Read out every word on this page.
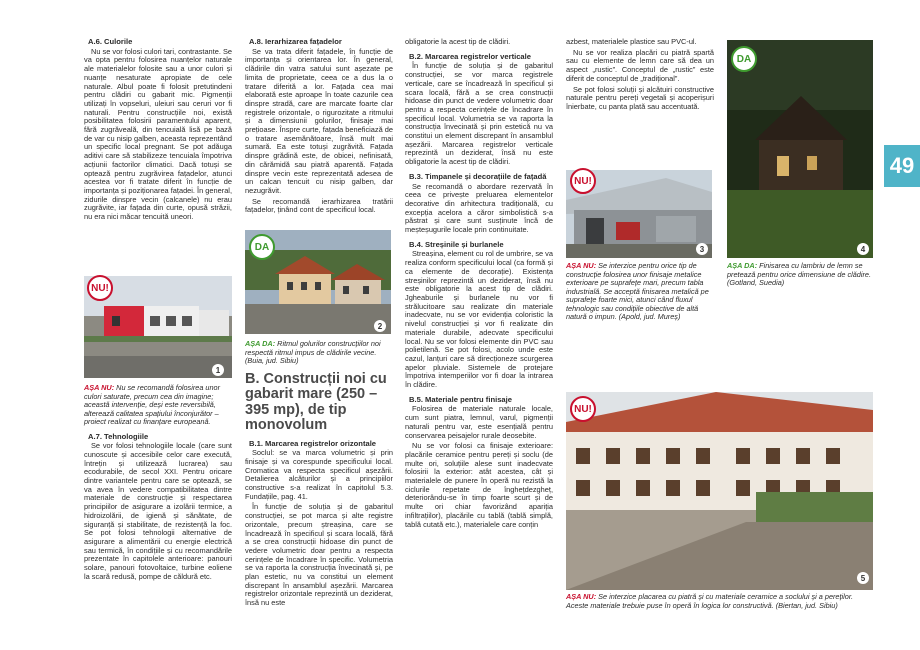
A.6. Culorile

Nu se vor folosi culori tari, contrastante. Se va opta pentru folosirea nuanțelor naturale ale materialelor folosite sau a unor culori și nuanțe nesaturate apropiate de cele naturale. Albul poate fi folosit pretutindeni pentru clădiri cu gabarit mic. Pigmenții utilizați în vopseluri, uleiuri sau ceruri vor fi naturali. Pentru construcțiile noi, există posibilitatea folosirii paramentului aparent, fără zugrăveală, din tencuială lisă pe bază de var cu nisip galben, aceasta reprezentând un specific local pregnant. Se pot adăuga aditivi care să stabilizeze tencuiala împotriva acțiunii factorilor climatici. Dacă totuși se optează pentru zugrăvirea fațadelor, atunci acestea vor fi tratate diferit în funcție de importanța și poziționarea fațadei. În general, zidurile dinspre vecin (calcanele) nu erau zugrăvite, iar fațada din curte, opusă străzii, nu era nici măcar tencuită uneori.

NU!
1
AȘA NU: Nu se recomandă folosirea unor culori saturate, precum cea din imagine; această intervenție, deși este reversibilă, alterează calitatea spațiului înconjurător – proiect realizat cu finanțare europeană.
A.7. Tehnologiile

Se vor folosi tehnologiile locale (care sunt cunoscute și accesibile celor care execută, întrețin și utilizează lucrarea) sau ecodurabile, de secol XXI. Pentru oricare dintre variantele pentru care se optează, se va avea în vedere compatibilitatea dintre materiale de construcție și respectarea principiilor de asigurare a izolării termice, a hidroizolării, de igienă și sănătate, de siguranță și stabilitate, de rezistență la foc. Se pot folosi tehnologii alternative de asigurare a alimentării cu energie electrică sau termică, în condițiile și cu recomandările prezentate în capitolele anterioare: panouri solare, panouri fotovoltaice, turbine eoliene la scară redusă, pompe de căldură etc.

A.8. Ierarhizarea fațadelor

Se va trata diferit fațadele, în funcție de importanța și orientarea lor. În general, clădirile din vatra satului sunt așezate pe limita de proprietate, ceea ce a dus la o tratare diferită a lor. Fațada cea mai elaborată este aproape în toate cazurile cea dinspre stradă, care are marcate foarte clar registrele orizontale, o rigurozitate a ritmului și a dimensiunii golurilor, finisaje mai prețioase. Înspre curte, fațada beneficiază de o tratare asemănătoare, însă mult mai sumară. Ea este totuși zugrăvită. Fațada dinspre grădină este, de obicei, nefinisată, din cărămidă sau piatră aparentă. Fațada dinspre vecin este reprezentată adesea de un calcan tencuit cu nisip galben, dar nezugrăvit.

Se recomandă ierarhizarea tratării fațadelor, ținând cont de specificul local.

DA
2
AȘA DA: Ritmul golurilor construcțiilor noi respectă ritmul impus de clădirile vecine. (Buia, jud. Sibiu)
B. Construcții noi cu gabarit mare (250 – 395 mp), de tip monovolum
B.1. Marcarea registrelor orizontale

Soclul: se va marca volumetric și prin finisaje și va corespunde specificului local. Cromatica va respecta specificul așezării. Detalierea alcăturilor și a principiilor constructive s-a realizat în capitolul 5.3. Fundațiile, pag. 41.

În funcție de soluția și de gabaritul construcției, se pot marca și alte registre orizontale, precum ștreașina, care se încadrează în specificul și scara locală, fără a se crea construcții hidoase din punct de vedere volumetric doar pentru a respecta cerințele de încadrare în specific. Volumetria se va raporta la construcția învecinată și, pe plan estetic, nu va constitui un element discrepant în ansamblul așezării. Marcarea registrelor orizontale reprezintă un deziderat, însă nu este

obligatorie la acest tip de clădiri.

B.2. Marcarea registrelor verticale

În funcție de soluția și de gabaritul construcției, se vor marca registrele verticale, care se încadrează în specificul și scara locală, fără a se crea construcții hidoase din punct de vedere volumetric doar pentru a respecta cerințele de încadrare în specificul local. Volumetria se va raporta la construcția învecinată și prin estetică nu va constitui un element discrepant în ansamblul așezării. Marcarea registrelor verticale reprezintă un deziderat, însă nu este obligatorie la acest tip de clădiri.

B.3. Timpanele și decorațiile de fațadă

Se recomandă o abordare rezervată în ceea ce privește preluarea elementelor decorative din arhitectura tradițională, cu excepția acelora a căror simbolistică s-a păstrat și care sunt susținute încă de meșteșugurile locale prin continuitate.

B.4. Streșinile și burlanele

Streașina, element cu rol de umbrire, se va realiza conform specificului local (ca formă și ca elemente de decorație). Existența streșinilor reprezintă un deziderat, însă nu este obligatorie la acest tip de clădiri. Jgheaburile și burlanele nu vor fi strălucitoare sau realizate din materiale inadecvate, nu se vor evidenția coloristic la nivelul construcției și vor fi realizate din materiale durabile, adecvate specificului local. Nu se vor folosi elemente din PVC sau polietilenă. Se pot folosi, acolo unde este cazul, lanțuri care să direcționeze scurgerea apelor pluviale. Sistemele de protejare împotriva intemperiilor vor fi doar la intrarea în clădire.

B.5. Materiale pentru finisaje

Folosirea de materiale naturale locale, cum sunt piatra, lemnul, varul, pigmenții naturali pentru var, este esențială pentru conservarea peisajelor rurale deosebite.

Nu se vor folosi ca finisaje exterioare: placările ceramice pentru pereți și soclu (de multe ori, soluțiile alese sunt inadecvate folosirii la exterior: atât acestea, cât și materialele de punere în operă nu rezistă la ciclurile repetate de înghețdezgheț, deteriorându-se în timp foarte scurt și de multe ori chiar favorizând apariția infiltrațiilor), placările cu tablă (tablă simplă, tablă cutată etc.), materialele care conțin

azbest, materialele plastice sau PVC-ul.

Nu se vor realiza placări cu piatră spartă sau cu elemente de lemn care să dea un aspect „rustic”. Conceptul de „rustic” este diferit de conceptul de „tradițional”.

Se pot folosi soluții și alcătuiri constructive naturale pentru pereți vegetali și acoperișuri înierbate, cu panta plată sau accentuată.

NU!
3
AȘA NU: Se interzice pentru orice tip de construcție folosirea unor finisaje metalice exterioare pe suprafețe mari, precum tabla industrială. Se acceptă finisarea metalică pe suprafețe foarte mici, atunci când fluxul tehnologic sau condițiile obiective de altă natură o impun. (Apold, jud. Mureș)
DA
4
AȘA DA: Finisarea cu lambriu de lemn se pretează pentru orice dimensiune de clădire. (Gotland, Suedia)
NU!
5
AȘA NU: Se interzice placarea cu piatră și cu materiale ceramice a soclului și a pereților. Aceste materiale trebuie puse în operă în logica lor constructivă. (Biertan, jud. Sibiu)
49
